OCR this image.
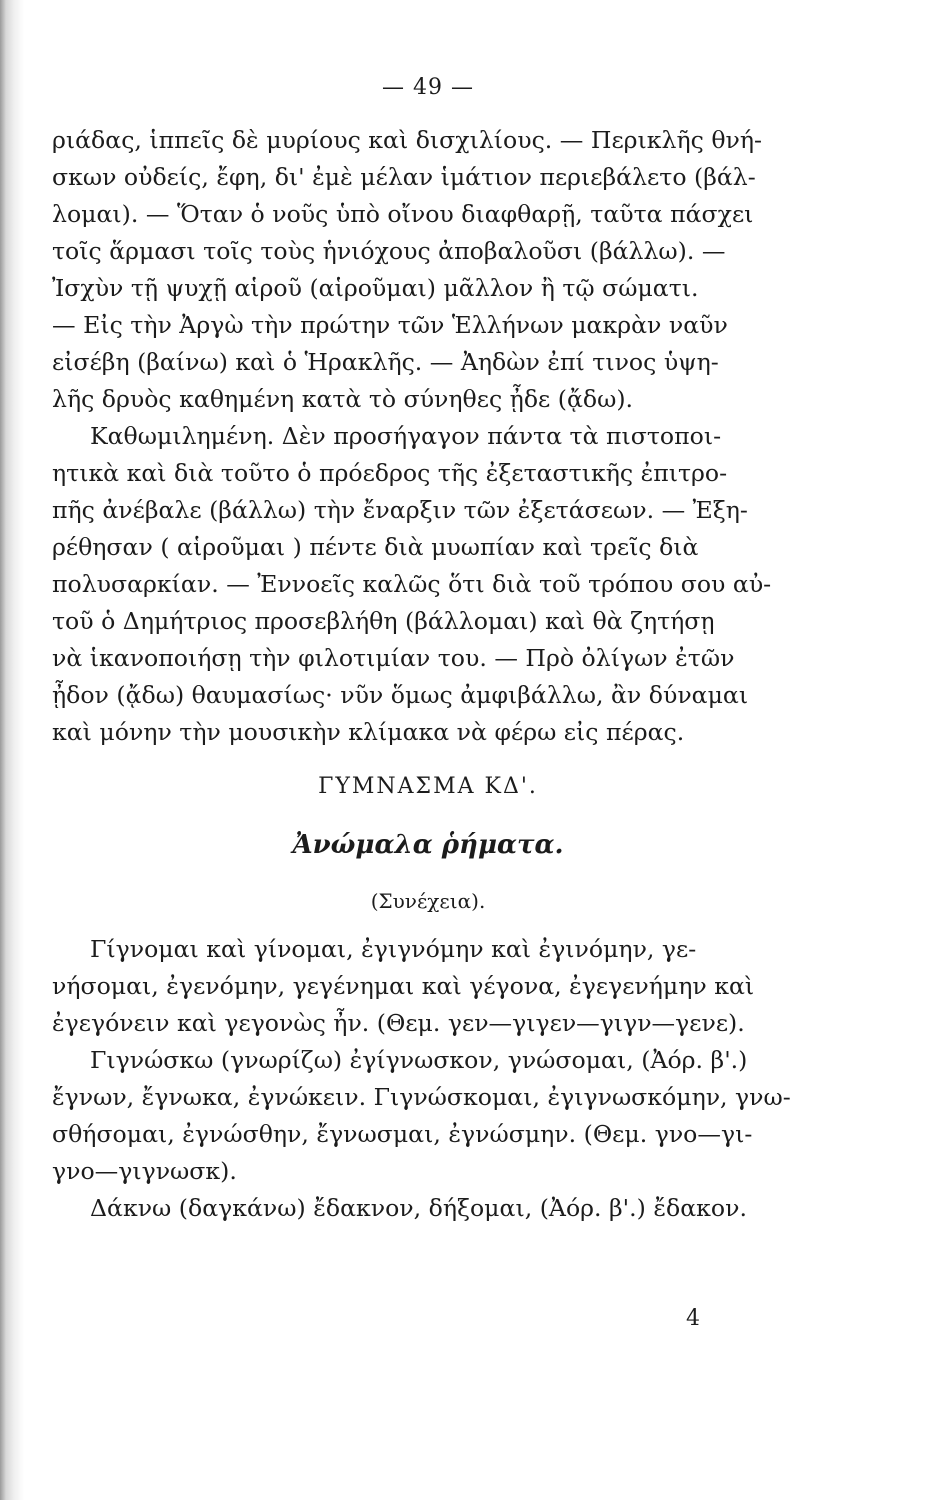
— 49 —
ριάδας, ἱππεῖς δὲ μυρίους καὶ δισχιλίους. — Περικλῆς θνή-
σκων οὐδείς, ἔφη, δι' ἐμὲ μέλαν ἱμάτιον περιεβάλετο (βάλ-
λομαι). — Ὅταν ὁ νοῦς ὑπὸ οἴνου διαφθαρῇ, ταῦτα πάσχει
τοῖς ἅρμασι τοῖς τοὺς ἡνιόχους ἀποβαλοῦσι (βάλλω). —
Ἰσχὺν τῇ ψυχῇ αἱροῦ (αἱροῦμαι) μᾶλλον ἢ τῷ σώματι.
— Εἰς τὴν Ἀργὼ τὴν πρώτην τῶν Ἑλλήνων μακρὰν ναῦν
εἰσέβη (βαίνω) καὶ ὁ Ἡρακλῆς. — Ἀηδὼν ἐπί τινος ὑψη-
λῆς δρυὸς καθημένη κατὰ τὸ σύνηθες ᾖδε (ᾄδω).
Καθωμιλημένη. Δὲν προσήγαγον πάντα τὰ πιστοποι-
ητικὰ καὶ διὰ τοῦτο ὁ πρόεδρος τῆς ἐξεταστικῆς ἐπιτρο-
πῆς ἀνέβαλε (βάλλω) τὴν ἔναρξιν τῶν ἐξετάσεων. — Ἐξη-
ρέθησαν ( αἱροῦμαι ) πέντε διὰ μυωπίαν καὶ τρεῖς διὰ
πολυσαρκίαν. — Ἐννοεῖς καλῶς ὅτι διὰ τοῦ τρόπου σου αὐ-
τοῦ ὁ Δημήτριος προσεβλήθη (βάλλομαι) καὶ θὰ ζητήσῃ
νὰ ἱκανοποιήσῃ τὴν φιλοτιμίαν του. — Πρὸ ὀλίγων ἐτῶν
ᾖδον (ᾄδω) θαυμασίως· νῦν ὅμως ἀμφιβάλλω, ἂν δύναμαι
καὶ μόνην τὴν μουσικὴν κλίμακα νὰ φέρω εἰς πέρας.
ΓΥΜΝΑΣΜΑ ΚΔ'.
Ἀνώμαλα ῥήματα.
(Συνέχεια).
Γίγνομαι καὶ γίνομαι, ἐγιγνόμην καὶ ἐγινόμην, γε-
νήσομαι, ἐγενόμην, γεγένημαι καὶ γέγονα, ἐγεγενήμην καὶ
ἐγεγόνειν καὶ γεγονὼς ἦν. (Θεμ. γεν—γιγεν—γιγν—γενε).
Γιγνώσκω (γνωρίζω) ἐγίγνωσκον, γνώσομαι, (Ἀόρ. β'.)
ἔγνων, ἔγνωκα, ἐγνώκειν. Γιγνώσκομαι, ἐγιγνωσκόμην, γνω-
σθήσομαι, ἐγνώσθην, ἔγνωσμαι, ἐγνώσμην. (Θεμ. γνο—γι-
γνο—γιγνωσκ).
Δάκνω (δαγκάνω) ἔδακνον, δήξομαι, (Ἀόρ. β'.) ἔδακον.
4
